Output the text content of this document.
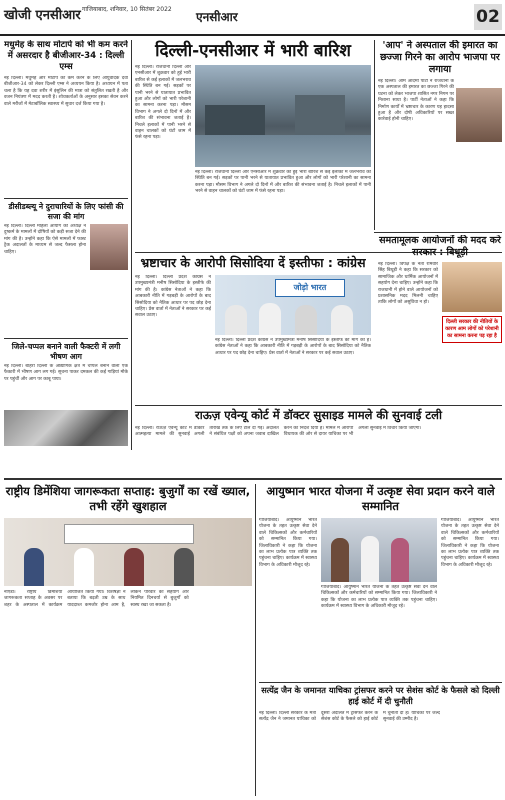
खोजी एनसीआर गाजियाबाद, शनिवार, 10 सितंबर 2022
एनसीआर	02
मधुमेह के साथ मोटापे को भी कम करने में असरदार है बीजीआर-34 : दिल्ली एम्स
नई दिल्ली। मधुमेह और मोटापे को कम करने के लिए आयुर्वेदिक दवा बीजीआर-34 को लेकर दिल्ली एम्स ने अध्ययन किया है। अध्ययन में पता चला है कि यह दवा शरीर में इंसुलिन की मात्रा को संतुलित रखती है और वजन नियंत्रण में मदद करती है। शोधकर्ताओं के अनुसार इसका सेवन करने वाले मरीजों में मेटाबॉलिक स्वास्थ्य में सुधार दर्ज किया गया है।
डीसीडब्ल्यू ने दुराचारियों के लिए फांसी की सजा की मांग
नई दिल्ली। दिल्ली महिला आयोग की अध्यक्ष ने दुष्कर्म के मामलों में दोषियों को कड़ी सजा देने की मांग की है। उन्होंने कहा कि ऐसे मामलों में फास्ट ट्रैक अदालतों के माध्यम से जल्द फैसला होना चाहिए।
जिले-चप्पल बनाने वाली फैक्टरी में लगी भीषण आग
नई दिल्ली। बाहरी दिल्ली के औद्योगिक क्षेत्र में चप्पल बनाने वाली एक फैक्टरी में भीषण आग लग गई। सूचना पाकर दमकल की कई गाड़ियां मौके पर पहुंचीं और आग पर काबू पाया।
दिल्ली-एनसीआर में भारी बारिश
नई दिल्ली। राजधानी दिल्ली और एनसीआर में शुक्रवार को हुई भारी बारिश से कई इलाकों में जलभराव की स्थिति बन गई। सड़कों पर पानी भरने से यातायात प्रभावित हुआ और लोगों को भारी परेशानी का सामना करना पड़ा। मौसम विभाग ने अगले दो दिनों में और बारिश की संभावना जताई है। निचले इलाकों में पानी भरने से वाहन चालकों को घंटों जाम में फंसे रहना पड़ा।
नई दिल्ली। राजधानी दिल्ली और एनसीआर में शुक्रवार को हुई भारी बारिश से कई इलाकों में जलभराव की स्थिति बन गई। सड़कों पर पानी भरने से यातायात प्रभावित हुआ और लोगों को भारी परेशानी का सामना करना पड़ा। मौसम विभाग ने अगले दो दिनों में और बारिश की संभावना जताई है। निचले इलाकों में पानी भरने से वाहन चालकों को घंटों जाम में फंसे रहना पड़ा।
'आप' ने अस्पताल की इमारत का छज्जा गिरने का आरोप भाजपा पर लगाया
नई दिल्ली। आम आदमी पार्टी ने राजधानी के एक अस्पताल की इमारत का छज्जा गिरने की घटना को लेकर भाजपा शासित नगर निगम पर निशाना साधा है। पार्टी नेताओं ने कहा कि निर्माण कार्यों में भ्रष्टाचार के कारण यह हादसा हुआ है और दोषी अधिकारियों पर सख्त कार्रवाई होनी चाहिए।
भ्रष्टाचार के आरोपी सिसोदिया दें इस्तीफा : कांग्रेस
नई दिल्ली। दिल्ली प्रदेश कांग्रेस ने उपमुख्यमंत्री मनीष सिसोदिया के इस्तीफे की मांग की है। कांग्रेस नेताओं ने कहा कि आबकारी नीति में गड़बड़ी के आरोपों के बाद सिसोदिया को नैतिक आधार पर पद छोड़ देना चाहिए। प्रेस वार्ता में नेताओं ने सरकार पर कई सवाल उठाए।
जोड़ो भारत
नई दिल्ली। दिल्ली प्रदेश कांग्रेस ने उपमुख्यमंत्री मनीष सिसोदिया के इस्तीफे की मांग की है। कांग्रेस नेताओं ने कहा कि आबकारी नीति में गड़बड़ी के आरोपों के बाद सिसोदिया को नैतिक आधार पर पद छोड़ देना चाहिए। प्रेस वार्ता में नेताओं ने सरकार पर कई सवाल उठाए।
समतामूलक आयोजनों की मदद करे सरकार : बिधूड़ी
नई दिल्ली। विपक्ष के नेता रामवीर सिंह बिधूड़ी ने कहा कि सरकार को सामाजिक और धार्मिक आयोजनों में सहयोग देना चाहिए। उन्होंने कहा कि राजधानी में होने वाले आयोजनों को प्रशासनिक मदद मिलनी चाहिए ताकि लोगों को असुविधा न हो।
दिल्ली सरकार की नीतियों के कारण आम लोगों को परेशानी का सामना करना पड़ रहा है
राऊज़ एवेन्यू कोर्ट में डॉक्टर सुसाइड मामले की सुनवाई टली
नई दिल्ली। राऊज़ एवेन्यू कोर्ट में डॉक्टर आत्महत्या मामले की सुनवाई अगली तारीख तक के लिए टाल दी गई। अदालत ने संबंधित पक्षों को अपना जवाब दाखिल करने का निर्देश दिया है। मामले में आरोपी विधायक की ओर से दायर याचिका पर भी अगली सुनवाई में विचार किया जाएगा।
राष्ट्रीय डिमेंशिया जागरूकता सप्ताह: बुजुर्गों का रखें ख्याल, तभी रहेंगे खुशहाल
नोएडा। राष्ट्रीय डिमेंशिया जागरूकता सप्ताह के अवसर पर शहर के अस्पताल में कार्यक्रम आयोजित किया गया। विशेषज्ञों ने बताया कि बढ़ती उम्र के साथ याददाश्त कमजोर होना आम है, लेकिन परिवार का सहयोग और नियमित दिनचर्या से बुजुर्गों को स्वस्थ रखा जा सकता है।
आयुष्मान भारत योजना में उत्कृष्ट सेवा प्रदान करने वाले सम्मानित
गाजियाबाद। आयुष्मान भारत योजना के तहत उत्कृष्ट सेवा देने वाले चिकित्सकों और कर्मचारियों को सम्मानित किया गया। जिलाधिकारी ने कहा कि योजना का लाभ प्रत्येक पात्र व्यक्ति तक पहुंचना चाहिए। कार्यक्रम में स्वास्थ्य विभाग के अधिकारी मौजूद रहे।
गाजियाबाद। आयुष्मान भारत योजना के तहत उत्कृष्ट सेवा देने वाले चिकित्सकों और कर्मचारियों को सम्मानित किया गया। जिलाधिकारी ने कहा कि योजना का लाभ प्रत्येक पात्र व्यक्ति तक पहुंचना चाहिए। कार्यक्रम में स्वास्थ्य विभाग के अधिकारी मौजूद रहे।
गाजियाबाद। आयुष्मान भारत योजना के तहत उत्कृष्ट सेवा देने वाले चिकित्सकों और कर्मचारियों को सम्मानित किया गया। जिलाधिकारी ने कहा कि योजना का लाभ प्रत्येक पात्र व्यक्ति तक पहुंचना चाहिए। कार्यक्रम में स्वास्थ्य विभाग के अधिकारी मौजूद रहे।
सत्येंद्र जैन के जमानत याचिका ट्रांसफर करने पर सेशंस कोर्ट के फैसले को दिल्ली हाई कोर्ट में दी चुनौती
नई दिल्ली। दिल्ली सरकार के मंत्री सत्येंद्र जैन ने जमानत याचिका को दूसरी अदालत में ट्रांसफर करने के सेशंस कोर्ट के फैसले को हाई कोर्ट में चुनौती दी है। याचिका पर जल्द सुनवाई की उम्मीद है।
